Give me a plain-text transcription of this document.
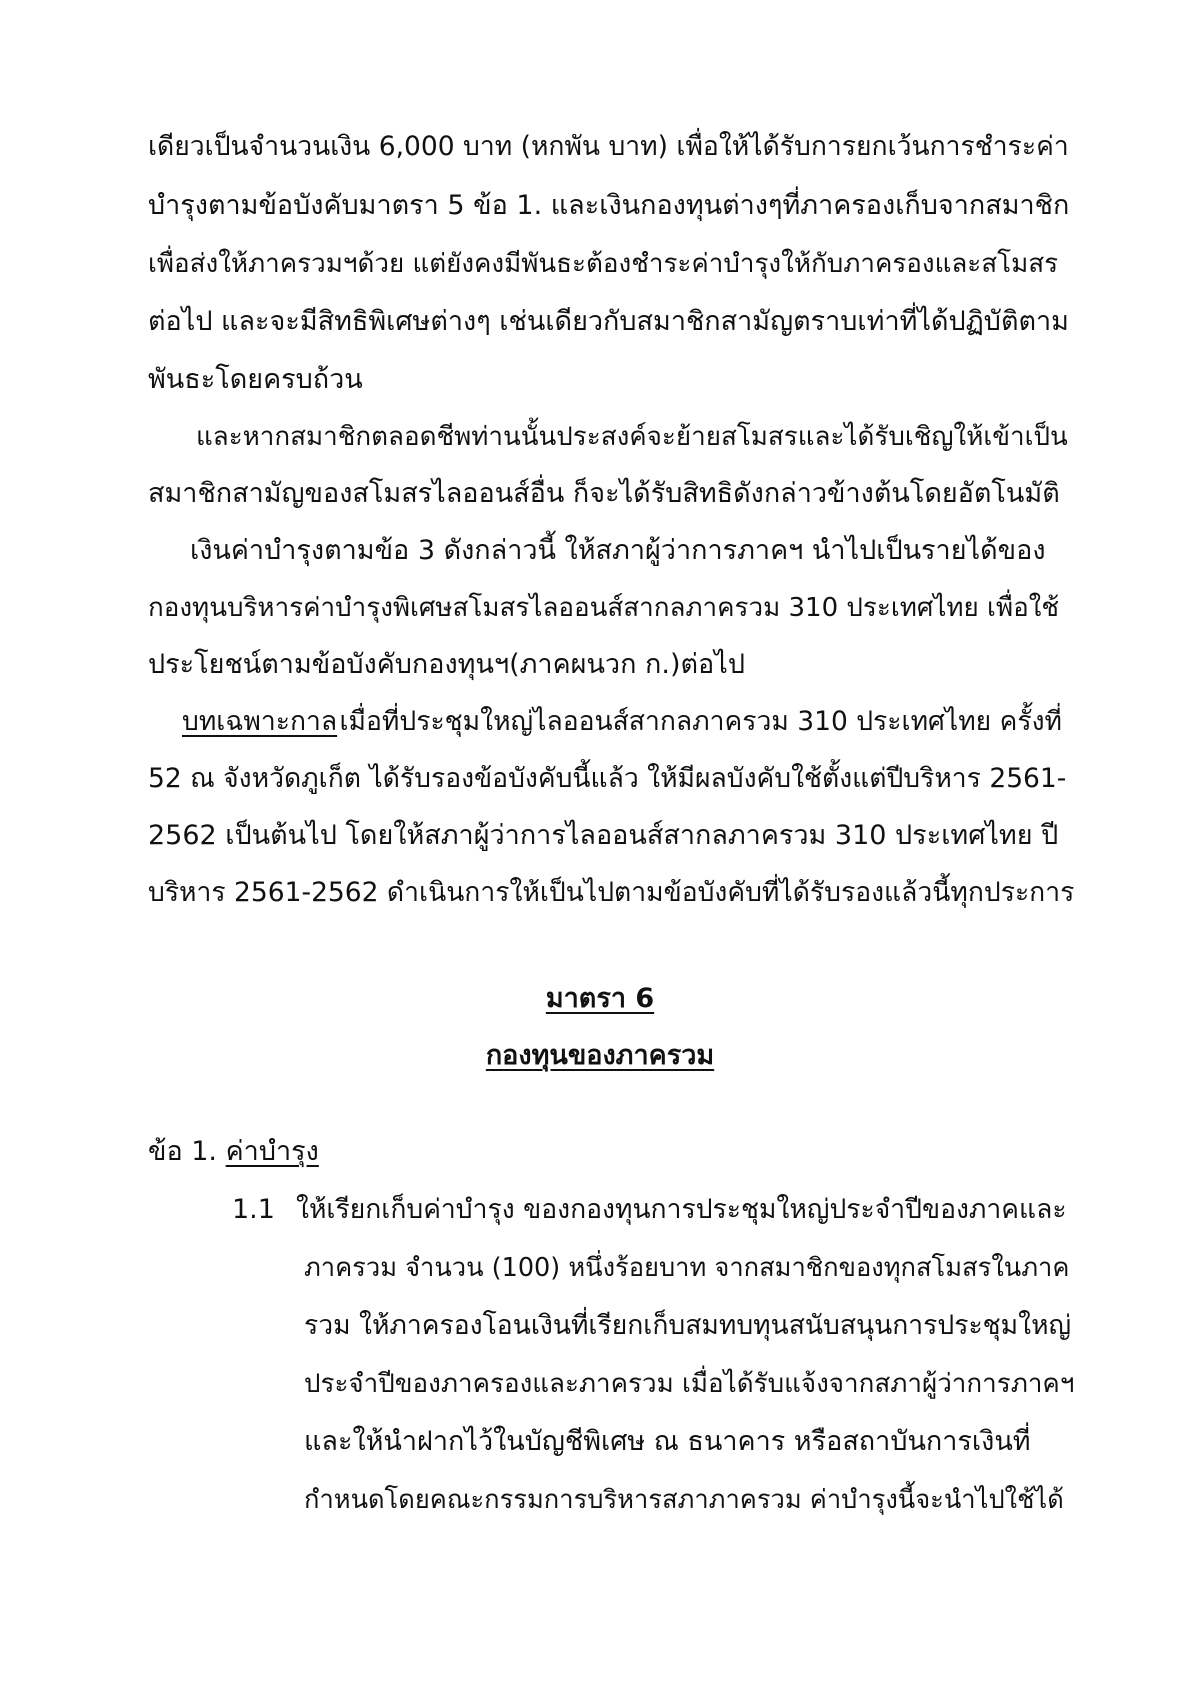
เดียวเป็นจำนวนเงิน 6,000 บาท (หกพัน บาท) เพื่อให้ได้รับการยกเว้นการชำระค่า
บำรุงตามข้อบังคับมาตรา 5 ข้อ 1. และเงินกองทุนต่างๆที่ภาครองเก็บจากสมาชิก
เพื่อส่งให้ภาครวมฯด้วย แต่ยังคงมีพันธะต้องชำระค่าบำรุงให้กับภาครองและสโมสร
ต่อไป และจะมีสิทธิพิเศษต่างๆ เช่นเดียวกับสมาชิกสามัญตราบเท่าที่ได้ปฏิบัติตาม
พันธะโดยครบถ้วน
และหากสมาชิกตลอดชีพท่านนั้นประสงค์จะย้ายสโมสรและได้รับเชิญให้เข้าเป็น
สมาชิกสามัญของสโมสรไลออนส์อื่น ก็จะได้รับสิทธิดังกล่าวข้างต้นโดยอัตโนมัติ
เงินค่าบำรุงตามข้อ 3 ดังกล่าวนี้ ให้สภาผู้ว่าการภาคฯ นำไปเป็นรายได้ของ
กองทุนบริหารค่าบำรุงพิเศษสโมสรไลออนส์สากลภาครวม 310 ประเทศไทย เพื่อใช้
ประโยชน์ตามข้อบังคับกองทุนฯ(ภาคผนวก ก.)ต่อไป
บทเฉพาะกาล เมื่อที่ประชุมใหญ่ไลออนส์สากลภาครวม 310 ประเทศไทย ครั้งที่
52 ณ จังหวัดภูเก็ต ได้รับรองข้อบังคับนี้แล้ว ให้มีผลบังคับใช้ตั้งแต่ปีบริหาร 2561-
2562 เป็นต้นไป โดยให้สภาผู้ว่าการไลออนส์สากลภาครวม 310 ประเทศไทย ปี
บริหาร 2561-2562 ดำเนินการให้เป็นไปตามข้อบังคับที่ได้รับรองแล้วนี้ทุกประการ
มาตรา 6
กองทุนของภาครวม
ข้อ 1. ค่าบำรุง
1.1 ให้เรียกเก็บค่าบำรุง ของกองทุนการประชุมใหญ่ประจำปีของภาคและ
ภาครวม จำนวน (100) หนึ่งร้อยบาท จากสมาชิกของทุกสโมสรในภาค
รวม ให้ภาครองโอนเงินที่เรียกเก็บสมทบทุนสนับสนุนการประชุมใหญ่
ประจำปีของภาครองและภาครวม เมื่อได้รับแจ้งจากสภาผู้ว่าการภาคฯ
และให้นำฝากไว้ในบัญชีพิเศษ ณ ธนาคาร หรือสถาบันการเงินที่
กำหนดโดยคณะกรรมการบริหารสภาภาครวม ค่าบำรุงนี้จะนำไปใช้ได้
